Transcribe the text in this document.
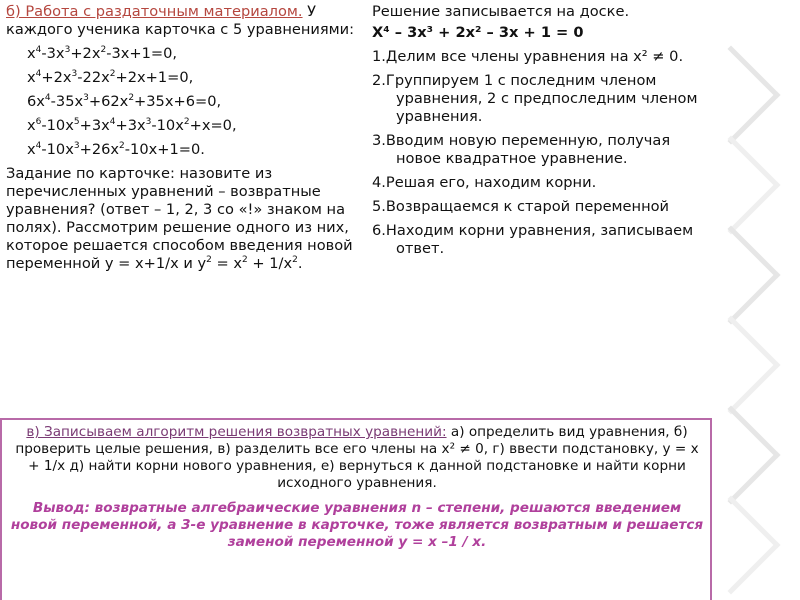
б) Работа с раздаточным материалом. У каждого ученика карточка с 5 уравнениями:
$x^4-3x^3+2x^2-3x+1=0$,
$x^4+2x^3-22x^2+2x+1=0$,
$6x^4-35x^3+62x^2+35x+6=0$,
$x^6-10x^5+3x^4+3x^3-10x^2+x=0$,
$x^4-10x^3+26x^2-10x+1=0$.
Задание по карточке: назовите из перечисленных уравнений – возвратные уравнения? (ответ – 1, 2, 3 со «!» знаком на полях). Рассмотрим решение одного из них, которое решается способом введения новой переменной y = x+1/x и $y^2 = x^2 + 1/x^2$.
Решение записывается на доске.
X⁴ – 3x³ + 2x² – 3x + 1 = 0
1.Делим все члены уравнения на x² ≠ 0.
2.Группируем 1 с последним членом уравнения, 2 с предпоследним членом уравнения.
3.Вводим новую переменную, получая новое квадратное уравнение.
4.Решая его, находим корни.
5.Возвращаемся к старой переменной
6.Находим корни уравнения, записываем ответ.
в) Записываем алгоритм решения возвратных уравнений: а) определить вид уравнения, б) проверить целые решения, в) разделить все его члены на x² ≠ 0, г) ввести подстановку, y = x + 1/x д) найти корни нового уравнения, е) вернуться к данной подстановке и найти корни исходного уравнения.
Вывод: возвратные алгебраические уравнения n – степени, решаются введением новой переменной, а 3-е уравнение в карточке, тоже является возвратным и решается заменой переменной y = x –1 / x.
